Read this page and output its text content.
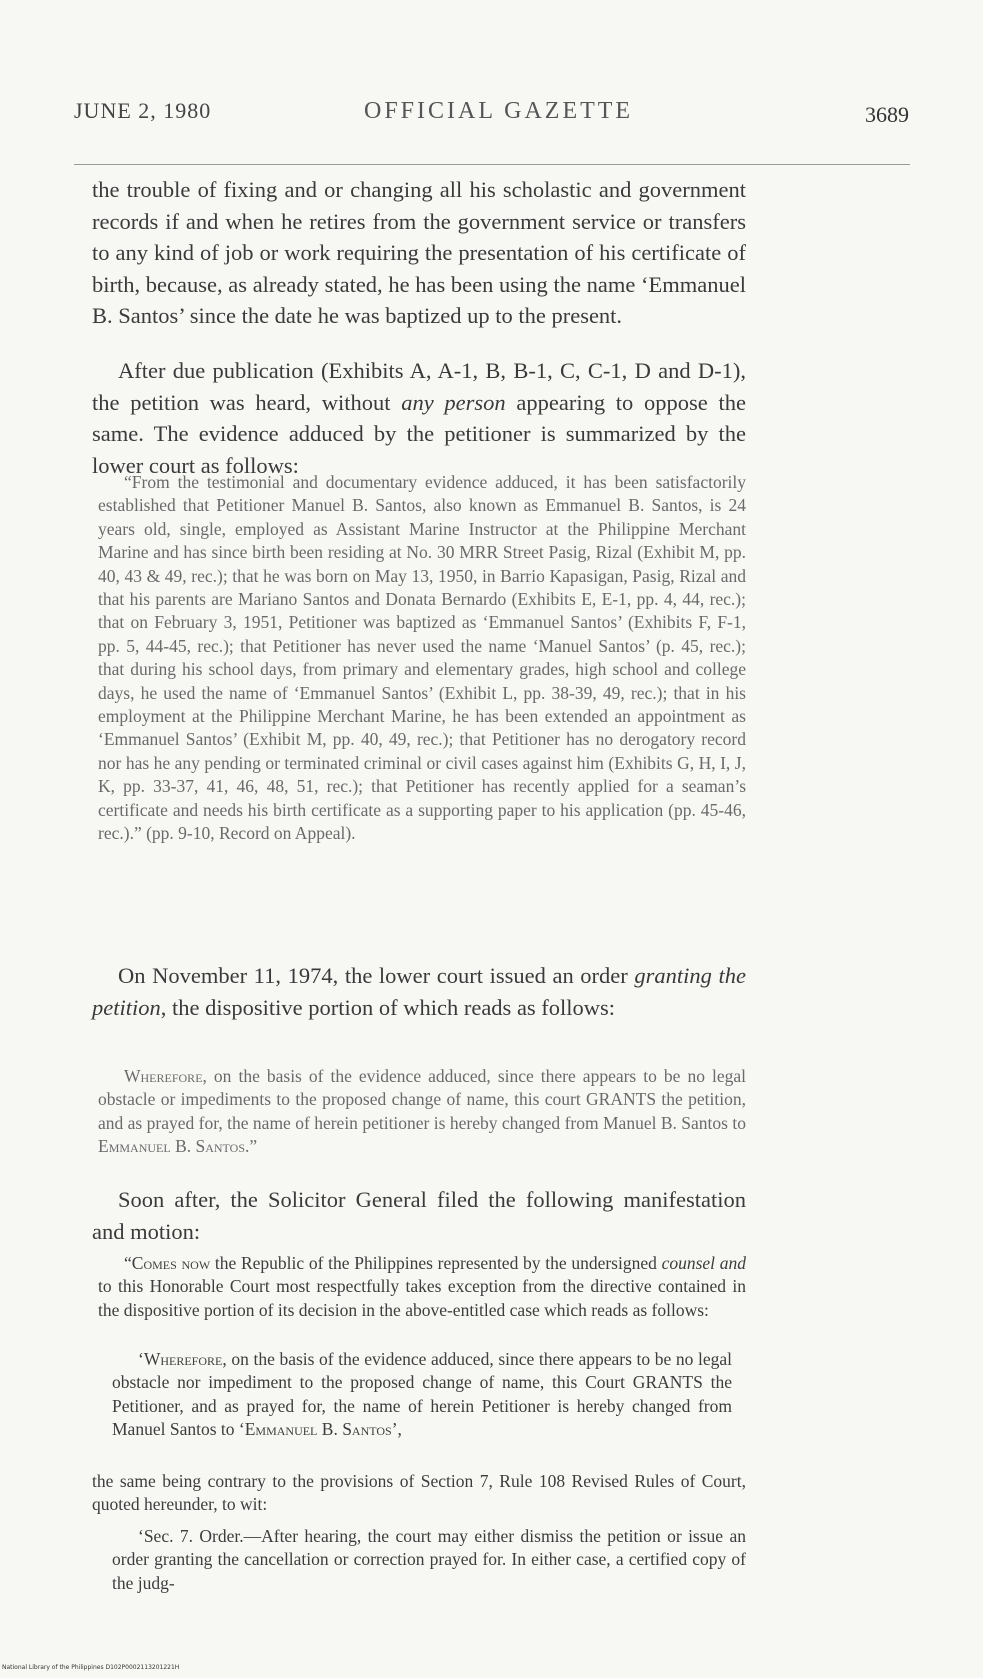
JUNE 2, 1980	OFFICIAL GAZETTE	3689

the trouble of fixing and or changing all his scholastic and government records if and when he retires from the government service or transfers to any kind of job or work requiring the presentation of his certificate of birth, because, as already stated, he has been using the name ‘Emmanuel B. Santos’ since the date he was baptized up to the present.

After due publication (Exhibits A, A-1, B, B-1, C, C-1, D and D-1), the petition was heard, without any person appearing to oppose the same. The evidence adduced by the petitioner is summarized by the lower court as follows:

“From the testimonial and documentary evidence adduced, it has been satisfactorily established that Petitioner Manuel B. Santos, also known as Emmanuel B. Santos, is 24 years old, single, employed as Assistant Marine Instructor at the Philippine Merchant Marine and has since birth been residing at No. 30 MRR Street Pasig, Rizal (Exhibit M, pp. 40, 43 & 49, rec.); that he was born on May 13, 1950, in Barrio Kapasigan, Pasig, Rizal and that his parents are Mariano Santos and Donata Bernardo (Exhibits E, E-1, pp. 4, 44, rec.); that on February 3, 1951, Petitioner was baptized as ‘Emmanuel Santos’ (Exhibits F, F-1, pp. 5, 44-45, rec.); that Petitioner has never used the name ‘Manuel Santos’ (p. 45, rec.); that during his school days, from primary and elementary grades, high school and college days, he used the name of ‘Emmanuel Santos’ (Exhibit L, pp. 38-39, 49, rec.); that in his employment at the Philippine Merchant Marine, he has been extended an appointment as ‘Emmanuel Santos’ (Exhibit M, pp. 40, 49, rec.); that Petitioner has no derogatory record nor has he any pending or terminated criminal or civil cases against him (Exhibits G, H, I, J, K, pp. 33-37, 41, 46, 48, 51, rec.); that Petitioner has recently applied for a seaman’s certificate and needs his birth certificate as a supporting paper to his application (pp. 45-46, rec.).” (pp. 9-10, Record on Appeal).

On November 11, 1974, the lower court issued an order granting the petition, the dispositive portion of which reads as follows:

Wherefore, on the basis of the evidence adduced, since there appears to be no legal obstacle or impediments to the proposed change of name, this court GRANTS the petition, and as prayed for, the name of herein petitioner is hereby changed from Manuel B. Santos to Emmanuel B. Santos.”

Soon after, the Solicitor General filed the following manifestation and motion:

“Comes now the Republic of the Philippines represented by the undersigned counsel and to this Honorable Court most respectfully takes exception from the directive contained in the dispositive portion of its decision in the above-entitled case which reads as follows:

‘Wherefore, on the basis of the evidence adduced, since there appears to be no legal obstacle nor impediment to the proposed change of name, this Court GRANTS the Petitioner, and as prayed for, the name of herein Petitioner is hereby changed from Manuel Santos to ‘Emmanuel B. Santos’,

the same being contrary to the provisions of Section 7, Rule 108 Revised Rules of Court, quoted hereunder, to wit:

‘Sec. 7. Order.—After hearing, the court may either dismiss the petition or issue an order granting the cancellation or correction prayed for. In either case, a certified copy of the judg-

National Library of the Philippines D102P0002113201221H
